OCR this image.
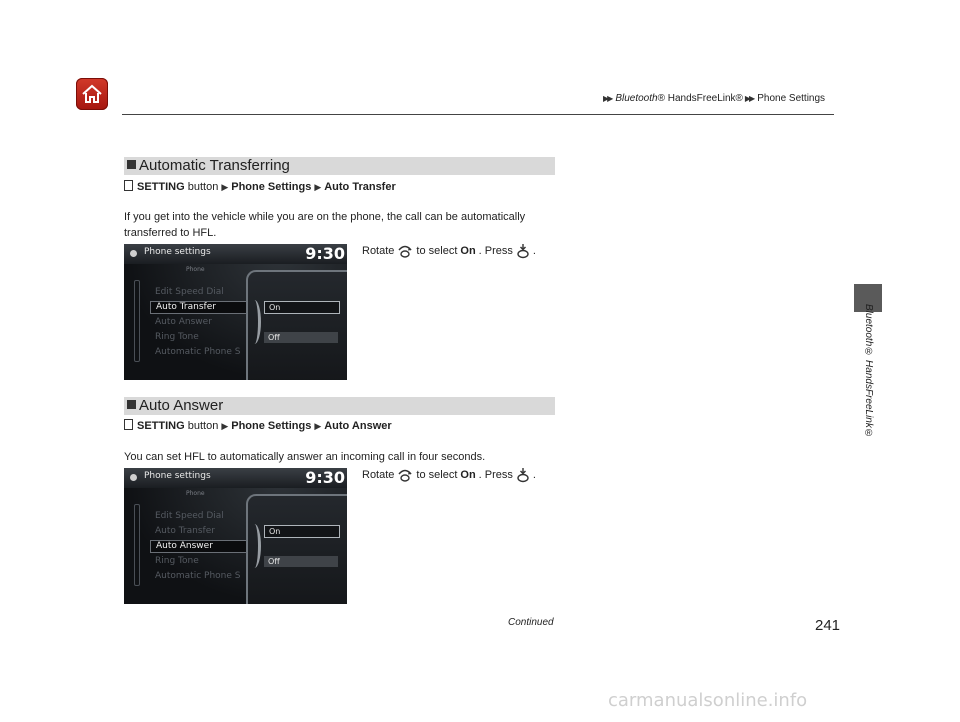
▶▶ Bluetooth® HandsFreeLink® ▶▶ Phone Settings
Bluetooth® HandsFreeLink®
Automatic Transferring
SETTING button ▶ Phone Settings ▶ Auto Transfer
If you get into the vehicle while you are on the phone, the call can be automatically transferred to HFL.
Rotate to select On . Press .
Phone settings	9:30
Phone
Edit Speed Dial
Auto Transfer
Auto Answer
Ring Tone
Automatic Phone S
On
Off
Auto Answer
SETTING button ▶ Phone Settings ▶ Auto Answer
You can set HFL to automatically answer an incoming call in four seconds.
Rotate to select On . Press .
Phone settings	9:30
Phone
Edit Speed Dial
Auto Transfer
Auto Answer
Ring Tone
Automatic Phone S
On
Off
Continued	241
carmanualsonline.info
